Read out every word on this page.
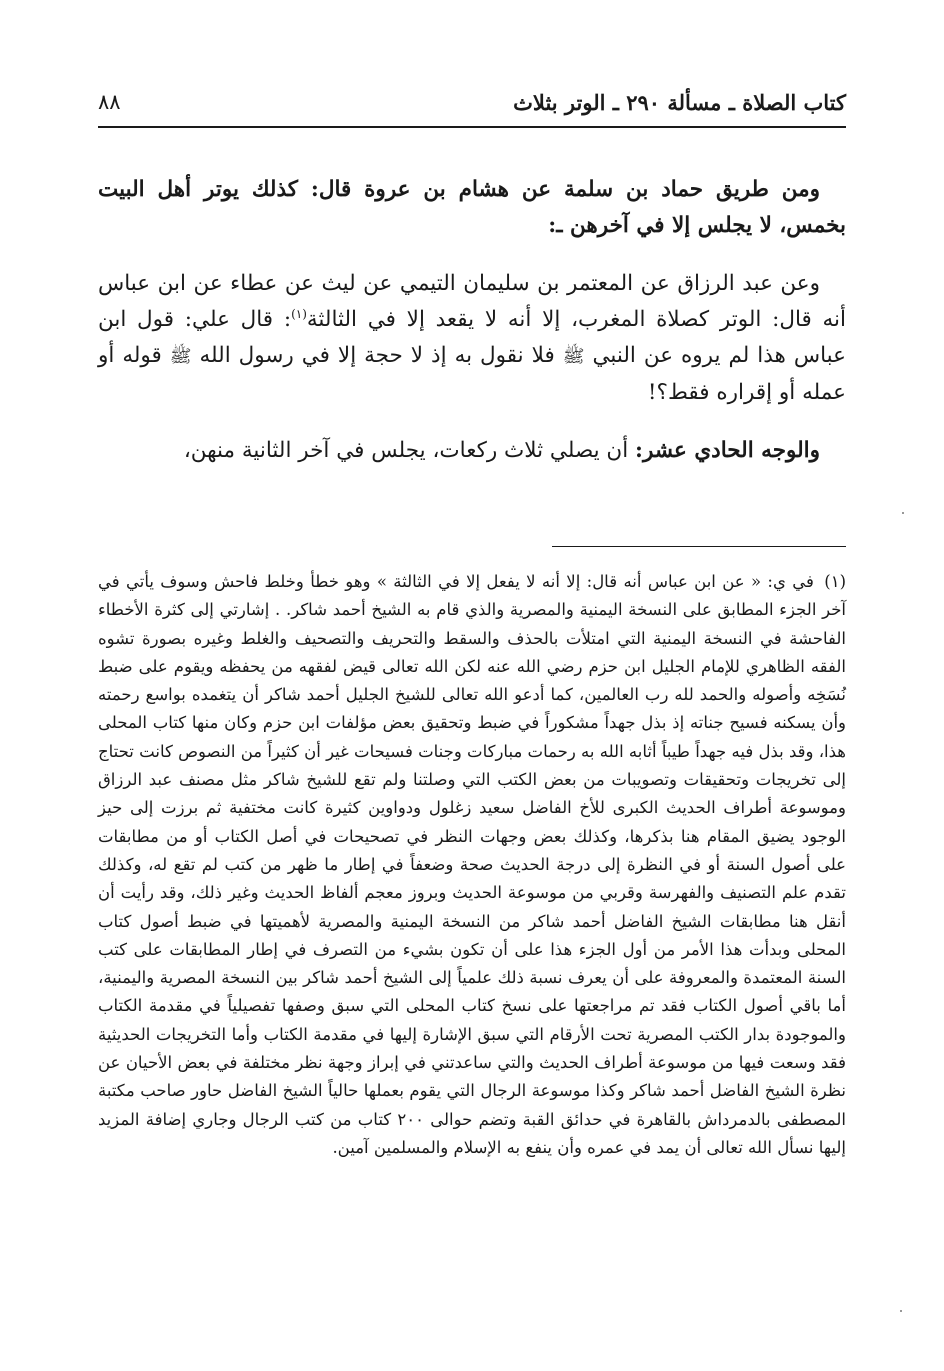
كتاب الصلاة ـ مسألة ٢٩٠ ـ الوتر بثلاث
٨٨

ومن طريق حماد بن سلمة عن هشام بن عروة قال: كذلك يوتر أهل البيت بخمس، لا يجلس إلا في آخرهن ـ:

وعن عبد الرزاق عن المعتمر بن سليمان التيمي عن ليث عن عطاء عن ابن عباس أنه قال: الوتر كصلاة المغرب، إلا أنه لا يقعد إلا في الثالثة$^{(١)}$: قال علي: قول ابن عباس هذا لم يروه عن النبي ﷺ فلا نقول به إذ لا حجة إلا في رسول الله ﷺ قوله أو عمله أو إقراره فقط؟!

والوجه الحادي عشر: أن يصلي ثلاث ركعات، يجلس في آخر الثانية منهن،

(١) في ي: « عن ابن عباس أنه قال: إلا أنه لا يفعل إلا في الثالثة » وهو خطأ وخلط فاحش وسوف يأتي في آخر الجزء المطابق على النسخة اليمنية والمصرية والذي قام به الشيخ أحمد شاكر. . إشارتي إلى كثرة الأخطاء الفاحشة في النسخة اليمنية التي امتلأت بالحذف والسقط والتحريف والتصحيف والغلط وغيره بصورة تشوه الفقه الظاهري للإمام الجليل ابن حزم رضي الله عنه لكن الله تعالى قيض لفقهه من يحفظه ويقوم على ضبط نُسَخِه وأصوله والحمد لله رب العالمين، كما أدعو الله تعالى للشيخ الجليل أحمد شاكر أن يتغمده بواسع رحمته وأن يسكنه فسيح جناته إذ بذل جهداً مشكوراً في ضبط وتحقيق بعض مؤلفات ابن حزم وكان منها كتاب المحلى هذا، وقد بذل فيه جهداً طيباً أثابه الله به رحمات مباركات وجنات فسيحات غير أن كثيراً من النصوص كانت تحتاج إلى تخريجات وتحقيقات وتصويبات من بعض الكتب التي وصلتنا ولم تقع للشيخ شاكر مثل مصنف عبد الرزاق وموسوعة أطراف الحديث الكبرى للأخ الفاضل سعيد زغلول ودواوين كثيرة كانت مختفية ثم برزت إلى حيز الوجود يضيق المقام هنا بذكرها، وكذلك بعض وجهات النظر في تصحيحات في أصل الكتاب أو من مطابقات على أصول السنة أو في النظرة إلى درجة الحديث صحة وضعفاً في إطار ما ظهر من كتب لم تقع له، وكذلك تقدم علم التصنيف والفهرسة وقربي من موسوعة الحديث وبروز معجم ألفاظ الحديث وغير ذلك، وقد رأيت أن أنقل هنا مطابقات الشيخ الفاضل أحمد شاكر من النسخة اليمنية والمصرية لأهميتها في ضبط أصول كتاب المحلى وبدأت هذا الأمر من أول الجزء هذا على أن تكون بشيء من التصرف في إطار المطابقات على كتب السنة المعتمدة والمعروفة على أن يعرف نسبة ذلك علمياً إلى الشيخ أحمد شاكر بين النسخة المصرية واليمنية، أما باقي أصول الكتاب فقد تم مراجعتها على نسخ كتاب المحلى التي سبق وصفها تفصيلياً في مقدمة الكتاب والموجودة بدار الكتب المصرية تحت الأرقام التي سبق الإشارة إليها في مقدمة الكتاب وأما التخريجات الحديثية فقد وسعت فيها من موسوعة أطراف الحديث والتي ساعدتني في إبراز وجهة نظر مختلفة في بعض الأحيان عن نظرة الشيخ الفاضل أحمد شاكر وكذا موسوعة الرجال التي يقوم بعملها حالياً الشيخ الفاضل حاور صاحب مكتبة المصطفى بالدمرداش بالقاهرة في حدائق القبة وتضم حوالى ٢٠٠ كتاب من كتب الرجال وجاري إضافة المزيد إليها نسأل الله تعالى أن يمد في عمره وأن ينفع به الإسلام والمسلمين آمين.
